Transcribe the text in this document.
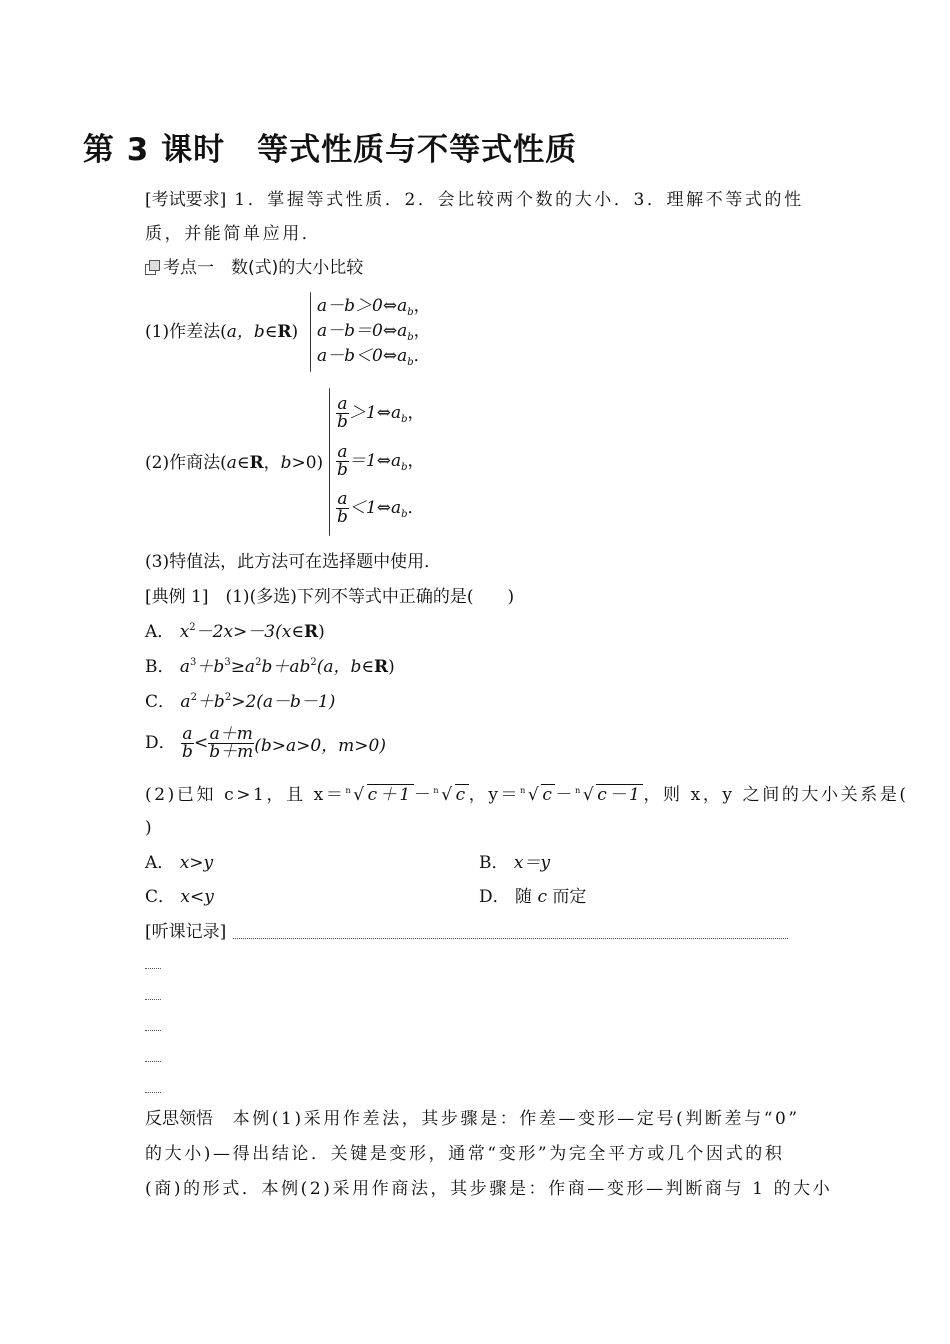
第 3 课时　等式性质与不等式性质
[考试要求] 1．掌握等式性质．2．会比较两个数的大小．3．理解不等式的性
质，并能简单应用．
考点一　数(式)的大小比较
(1)作差法(a，b∈R)
$a-b>0\Leftrightarrow a_b$，
$a-b=0\Leftrightarrow a_b$，
$a-b<0\Leftrightarrow a_b$．
(2)作商法(a∈R，b>0)
$\frac{a}{b}$ $>1\Leftrightarrow a_b$，
$\frac{a}{b}$ $=1\Leftrightarrow a_b$，
$\frac{a}{b}$ $<1\Leftrightarrow a_b$．
(3)特值法，此方法可在选择题中使用．
[典例 1]　 (1)(多选)下列不等式中正确的是(　　)
A． $x^2-2x>-3(x\in R)$
B． $a^3+b^3\ge a^2b+ab^2(a$，b∈R)
C． $a^2+b^2>2(a-b-1)$
D． $\frac{a}{b} < \frac{a+m}{b+m} (b>a>0$，m>0)
(2)已知 c>1，且 x＝$^n$√c＋1－$^n$√c，y＝$^n$√c－$^n$√c－1，则 x，y 之间的大小关系是(
)
A． x>y	B． x＝y
C． x<y	D． 随 c 而定
[听课记录]
反思领悟　 本例(1)采用作差法，其步骤是：作差—变形—定号(判断差与“0”
的大小)—得出结论．关键是变形，通常“变形”为完全平方或几个因式的积
(商)的形式．本例(2)采用作商法，其步骤是：作商—变形—判断商与 1 的大小
